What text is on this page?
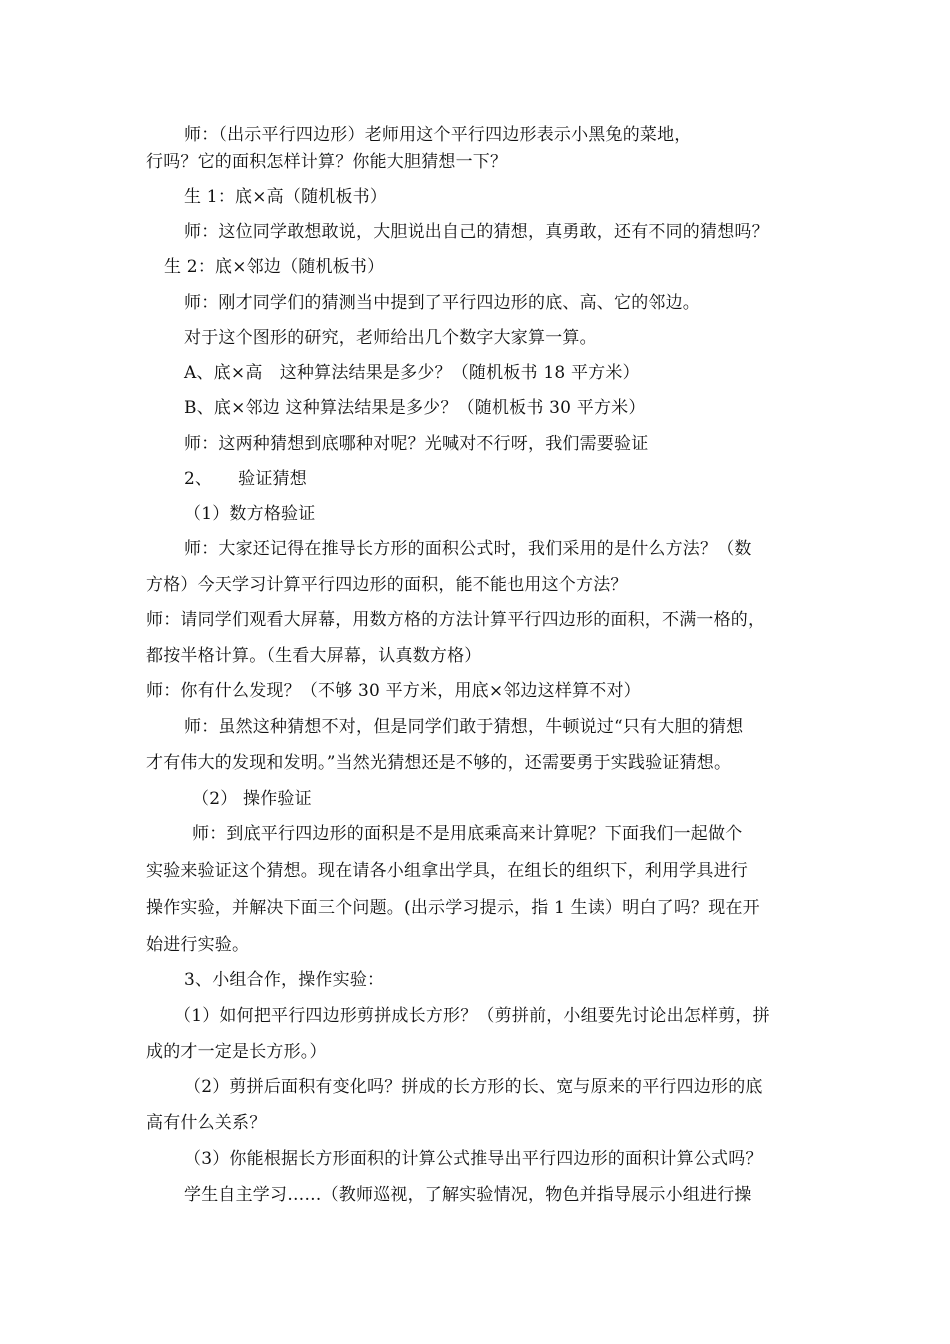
师：（出示平行四边形）老师用这个平行四边形表示小黑兔的菜地，
行吗？它的面积怎样计算？你能大胆猜想一下？
生 1：底×高（随机板书）
师：这位同学敢想敢说，大胆说出自己的猜想，真勇敢，还有不同的猜想吗？
生 2：底×邻边（随机板书）
师：刚才同学们的猜测当中提到了平行四边形的底、高、它的邻边。
对于这个图形的研究，老师给出几个数字大家算一算。
A、底×高　这种算法结果是多少？（随机板书 18 平方米）
B、底×邻边 这种算法结果是多少？（随机板书 30 平方米）
师：这两种猜想到底哪种对呢？光喊对不行呀，我们需要验证
2、　　验证猜想
（1）数方格验证
师：大家还记得在推导长方形的面积公式时，我们采用的是什么方法？（数
方格）今天学习计算平行四边形的面积，能不能也用这个方法？
师：请同学们观看大屏幕，用数方格的方法计算平行四边形的面积，不满一格的，
都按半格计算。（生看大屏幕，认真数方格）
师：你有什么发现？（不够 30 平方米，用底×邻边这样算不对）
师：虽然这种猜想不对，但是同学们敢于猜想，牛顿说过“只有大胆的猜想
才有伟大的发现和发明。”当然光猜想还是不够的，还需要勇于实践验证猜想。
（2） 操作验证
师：到底平行四边形的面积是不是用底乘高来计算呢？下面我们一起做个
实验来验证这个猜想。现在请各小组拿出学具，在组长的组织下，利用学具进行
操作实验，并解决下面三个问题。(出示学习提示，指 1 生读）明白了吗？现在开
始进行实验。
3、小组合作，操作实验：
（1）如何把平行四边形剪拼成长方形？（剪拼前，小组要先讨论出怎样剪，拼
成的才一定是长方形。）
（2）剪拼后面积有变化吗？拼成的长方形的长、宽与原来的平行四边形的底
高有什么关系？
（3）你能根据长方形面积的计算公式推导出平行四边形的面积计算公式吗？
学生自主学习……（教师巡视，了解实验情况，物色并指导展示小组进行操
